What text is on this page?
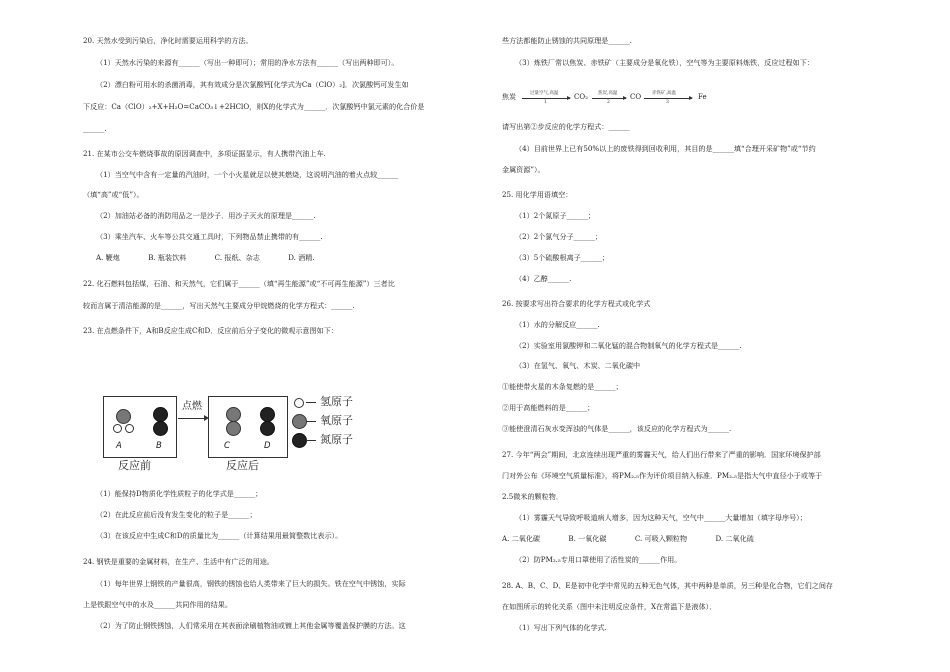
20. 天然水受到污染后，净化时需要运用科学的方法。
（1）天然水污染的来源有______（写出一种即可）；常用的净水方法有______（写出两种即可）。
（2）漂白粉可用水的杀菌消毒，其有效成分是次氯酸钙[化学式为Ca（ClO）₂]．次氯酸钙可发生如
下反应：Ca（ClO）₂+X+H₂O=CaCO₃↓+2HClO，则X的化学式为______．次氯酸钙中氯元素的化合价是
______.
21. 在某市公交车燃烧事故的原因调查中，多项证据显示，有人携带汽油上车.
（1）当空气中含有一定量的汽油时，一个小火星就足以使其燃烧，这说明汽油的着火点较______
（填“高”或“低”）。
（2）加油站必备的消防用品之一是沙子．用沙子灭火的原理是______.
（3）乘坐汽车、火车等公共交通工具时，下列物品禁止携带的有______.
A. 鞭炮　　　　B. 瓶装饮料　　　　C. 报纸、杂志　　　　D. 酒精.
22. 化石燃料包括煤，石油、和天然气，它们属于______（填“再生能源”或“不可再生能源”）三者比
较而言属于清洁能源的是______，写出天然气主要成分甲烷燃烧的化学方程式：______.
23. 在点燃条件下，A和B反应生成C和D．反应前后分子变化的微观示意图如下：
A	B
点燃
C	D
反应前	反应后
氢原子
氧原子
氮原子
（1）能保持D物质化学性质粒子的化学式是______；
（2）在此反应前后没有发生变化的粒子是______；
（3）在该反应中生成C和D的质量比为______（计算结果用最简整数比表示）。
24. 钢铁是重要的金属材料，在生产、生活中有广泛的用途。
（1）每年世界上钢铁的产量很高，钢铁的锈蚀也给人类带来了巨大的损失。铁在空气中锈蚀，实际
上是铁跟空气中的水及______共同作用的结果。
（2）为了防止钢铁锈蚀，人们常采用在其表面涂刷植物油或镀上其他金属等覆盖保护膜的方法。这
些方法都能防止锈蚀的共同原理是______.
（3）炼铁厂常以焦炭、赤铁矿（主要成分是氧化铁），空气等为主要原料炼铁，反应过程如下：
焦炭	过量空气,高温
1
CO₂ 焦炭,高温
2
CO 赤铁矿,高温
3
Fe
请写出第②步反应的化学方程式：______
（4）目前世界上已有50%以上的废铁得到回收利用，其目的是______填“合理开采矿物”或“节约
金属资源”）。
25. 用化学用语填空：
（1）2个氮原子______；
（2）2个氯气分子______；
（3）5个硫酸根离子______；
（4）乙醇______.
26. 按要求写出符合要求的化学方程式或化学式
（1）水的分解反应______.
（2）实验室用氯酸钾和二氧化锰的混合物制氧气的化学方程式是______.
（3）在氢气、氧气、木炭、二氧化碳中
①能使带火星的木条复燃的是______；
②用于高能燃料的是______；
③能使澄清石灰水变浑浊的气体是______，该反应的化学方程式为______.
27. 今年“两会”期间，北京连续出现严重的雾霾天气，给人们出行带来了严重的影响．国家环境保护部
门对外公布《环境空气质量标准》，将PM₂.₅作为评价项目纳入标准．PM₂.₅是指大气中直径小于或等于
2.5微米的颗粒物．
（1）雾霾天气导致呼吸道病人增多，因为这种天气，空气中______大量增加（填字母序号）；
A. 二氧化碳　　　　B. 一氧化碳　　　　C. 可吸入颗粒物　　　　D. 二氧化硫
（2）防PM₂.₅专用口罩使用了活性炭的______作用。
28. A、B、C、D、E是初中化学中常见的五种无色气体，其中两种是单质，另三种是化合物，它们之间存
在如图所示的转化关系（图中未注明反应条件，X在常温下是液体）．
（1）写出下列气体的化学式.
